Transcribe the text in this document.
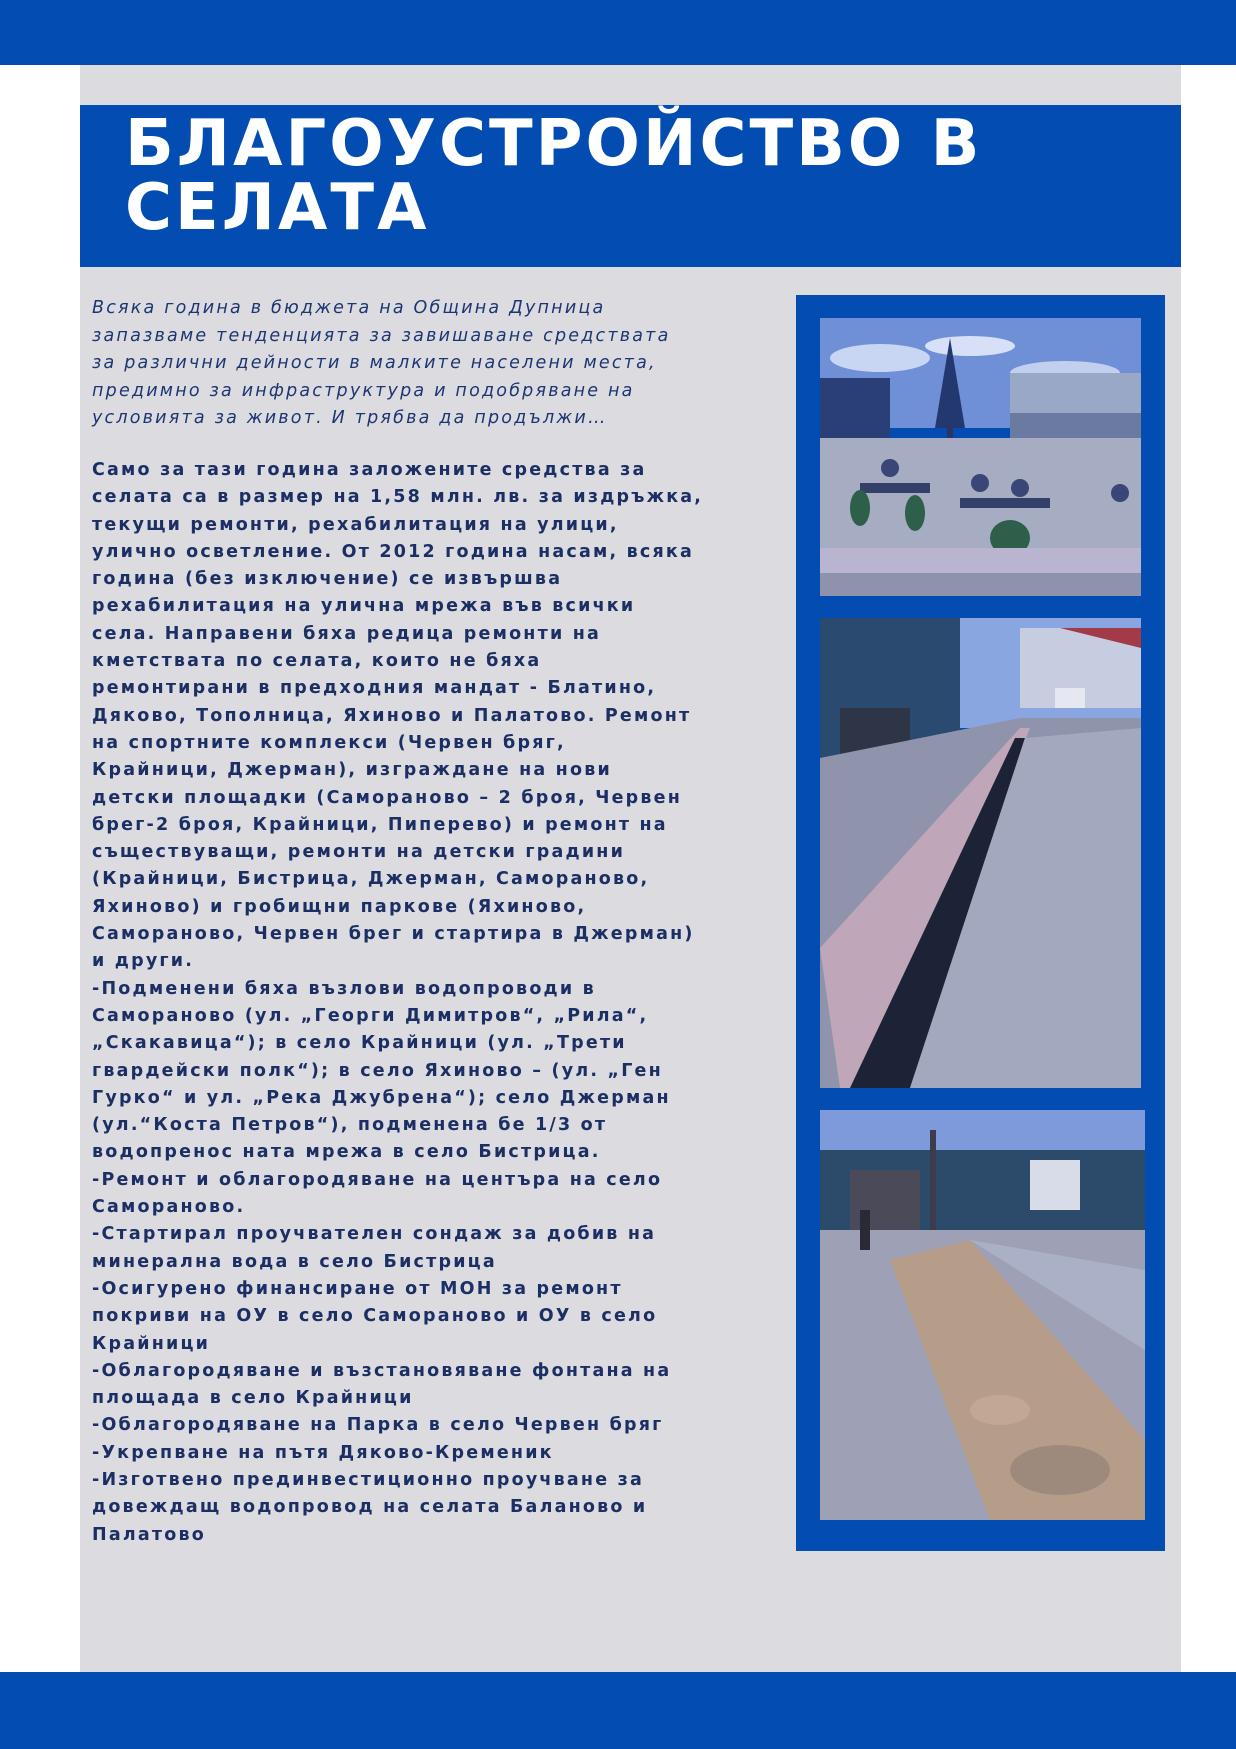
БЛАГОУСТРОЙСТВО В
СЕЛАТА

Всяка година в бюджета на Община Дупница
запазваме тенденцията за завишаване средствата
за различни дейности в малките населени места,
предимно за инфраструктура и подобряване на
условията за живот. И трябва да продължи…

Само за тази година заложените средства за
селата са в размер на 1,58 млн. лв. за издръжка,
текущи ремонти, рехабилитация на улици,
улично осветление. От 2012 година насам, всяка
година (без изключение) се извършва
рехабилитация на улична мрежа във всички
села. Направени бяха редица ремонти на
кметствата по селата, които не бяха
ремонтирани в предходния мандат - Блатино,
Дяково, Тополница, Яхиново и Палатово. Ремонт
на спортните комплекси (Червен бряг,
Крайници, Джерман), изграждане на нови
детски площадки (Саморaново – 2 броя, Червен
брег-2 броя, Крайници, Пиперево) и ремонт на
съществуващи, ремонти на детски градини
(Крайници, Бистрица, Джерман, Самораново,
Яхиново) и гробищни паркове (Яхиново,
Самораново, Червен брег и стартира в Джерман)
и други.
-Подменени бяха възлови водопроводи в
Самораново (ул. „Георги Димитров“, „Рила“,
„Скакавица“); в село Крайници (ул. „Трети
гвардейски полк“); в село Яхиново – (ул. „Ген
Гурко“ и ул. „Река Джубрена“); село Джерман
(ул.“Коста Петров“), подменена бе 1/3 от
водопренос ната мрежа в село Бистрица.
-Ремонт и облагородяване на центъра на село
Самораново.
-Стартирал проучвателен сондаж за добив на
минерална вода в село Бистрица
-Осигурено финансиране от МОН за ремонт
покриви на ОУ в село Самораново и ОУ в село
Крайници
-Облагородяване и възстановяване фонтана на
площада в село Крайници
-Облагородяване на Парка в село Червен бряг
-Укрепване на пътя Дяково-Кременик
-Изготвено прединвестиционно проучване за
довеждащ водопровод на селата Баланово и
Палатово
